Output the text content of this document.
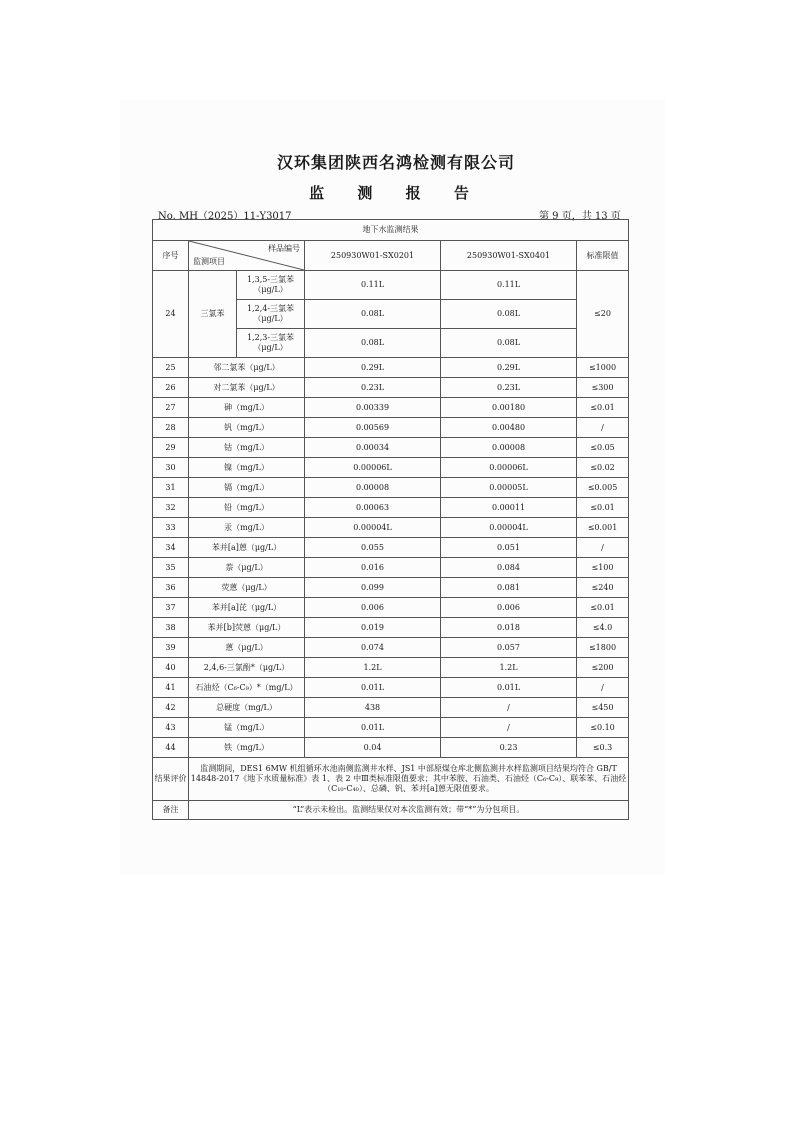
汉环集团陕西名鸿检测有限公司
监 测 报 告
No. MH（2025）11-Y3017	第 9 页，共 13 页
地下水监测结果					
序号	样品编号
监测项目		250930W01-SX0201	250930W01-SX0401	标准限值
24	三氯苯	1,3,5-三氯苯（μg/L）	0.11L	0.11L	≤20
		1,2,4-三氯苯（μg/L）	0.08L	0.08L	
		1,2,3-三氯苯（μg/L）	0.08L	0.08L	
25	邻二氯苯（μg/L）		0.29L	0.29L	≤1000
26	对二氯苯（μg/L）		0.23L	0.23L	≤300
27	砷（mg/L）		0.00339	0.00180	≤0.01
28	钒（mg/L）		0.00569	0.00480	/
29	钴（mg/L）		0.00034	0.00008	≤0.05
30	镍（mg/L）		0.00006L	0.00006L	≤0.02
31	镉（mg/L）		0.00008	0.00005L	≤0.005
32	铅（mg/L）		0.00063	0.00011	≤0.01
33	汞（mg/L）		0.00004L	0.00004L	≤0.001
34	苯并[a]蒽（μg/L）		0.055	0.051	/
35	萘（μg/L）		0.016	0.084	≤100
36	荧蒽（μg/L）		0.099	0.081	≤240
37	苯并[a]芘（μg/L）		0.006	0.006	≤0.01
38	苯并[b]荧蒽（μg/L）		0.019	0.018	≤4.0
39	蒽（μg/L）		0.074	0.057	≤1800
40	2,4,6-三氯酚*（μg/L）		1.2L	1.2L	≤200
41	石油烃（C₆-C₉）*（mg/L）		0.01L	0.01L	/
42	总硬度（mg/L）		438	/	≤450
43	锰（mg/L）		0.01L	/	≤0.10
44	铁（mg/L）		0.04	0.23	≤0.3
结果评价	监测期间，DES1 6MW 机组循环水池南侧监测井水样、JS1 中部原煤仓库北侧监测井水样监测项目结果均符合 GB/T 14848-2017《地下水质量标准》表 1、表 2 中Ⅲ类标准限值要求；其中苯胺、石油类、石油烃（C₆-C₉）、联苯苯、石油烃（C₁₀-C₄₀）、总磷、钒、苯并[a]蒽无限值要求。				
备注	“L”表示未检出。监测结果仅对本次监测有效；带“*”为分包项目。				
